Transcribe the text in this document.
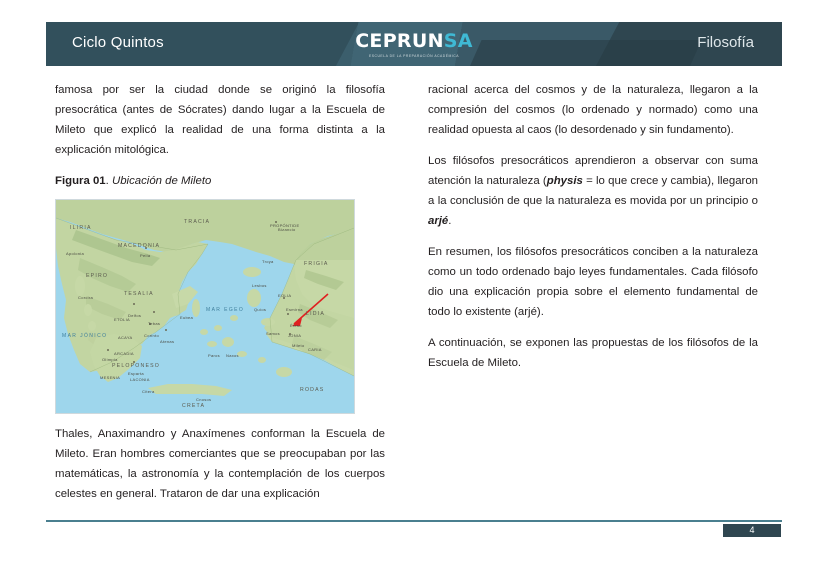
Ciclo Quintos	CEPRUNSA
ESCUELA DE LA PREPARACIÓN ACADÉMICA
Filosofía

famosa por ser la ciudad donde se originó la filosofía presocrática (antes de Sócrates) dando lugar a la Escuela de Mileto que explicó la realidad de una forma distinta a la explicación mitológica.

Figura 01. Ubicación de Mileto
ILIRIA
TRACIA
PROPÓNTIDE
MACEDONIA
EPIRO
TESALIA
FRIGIA
EOLIA
LIDIA
JONIA
CARIA
ETOLIA
ACAYA
ARCADIA
PELOPONESO
LACONIA
MESENIA
CRETA
RODAS
MAR EGEO
MAR JÓNICO
Atenas
Esparta
Corinto
Tebas
Delfos
Mileto
Éfeso
Esmirna
Bizancio
Troya
Lesbos
Quíos
Samos
Naxos
Paros
Eubea
Pella
Olimpia
Citera
Cnosos
Apolonia
Corcira

Thales, Anaximandro y Anaxímenes conforman la Escuela de Mileto. Eran hombres comerciantes que se preocupaban por las matemáticas, la astronomía y la contemplación de los cuerpos celestes en general. Trataron de dar una explicación

racional acerca del cosmos y de la naturaleza, llegaron a la compresión del cosmos (lo ordenado y normado) como una realidad opuesta al caos (lo desordenado y sin fundamento).

Los filósofos presocráticos aprendieron a observar con suma atención la naturaleza (physis = lo que crece y cambia), llegaron a la conclusión de que la naturaleza es movida por un principio o arjé.

En resumen, los filósofos presocráticos conciben a la naturaleza como un todo ordenado bajo leyes fundamentales. Cada filósofo dio una explicación propia sobre el elemento fundamental de todo lo existente (arjé).

A continuación, se exponen las propuestas de los filósofos de la Escuela de Mileto.

4
